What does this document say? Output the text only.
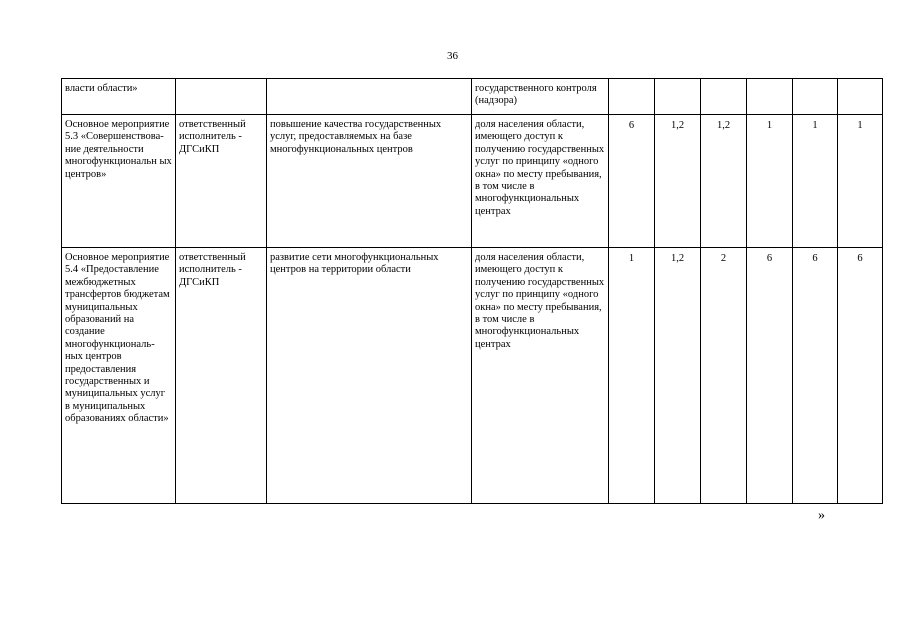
36
власти области»			государственного контроля (надзора)						
Основное мероприятие 5.3 «Совершенствова-ние деятельности многофункциональн ых центров»	ответственный исполнитель - ДГСиКП	повышение качества государственных услуг, предоставляемых на базе многофункциональных центров	доля населения области, имеющего доступ к получению государственных услуг по принципу «одного окна» по месту пребывания, в том числе в многофункциональных центрах	6	1,2	1,2	1	1	1
Основное мероприятие 5.4 «Предоставление межбюджетных трансфертов бюджетам муниципальных образований на создание многофункциональ-ных центров предоставления государственных и муниципальных услуг в муниципальных образованиях области»	ответственный исполнитель - ДГСиКП	развитие сети многофункциональных центров на территории области	доля населения области, имеющего доступ к получению государственных услуг по принципу «одного окна» по месту пребывания, в том числе в многофункциональных центрах	1	1,2	2	6	6	6
»
